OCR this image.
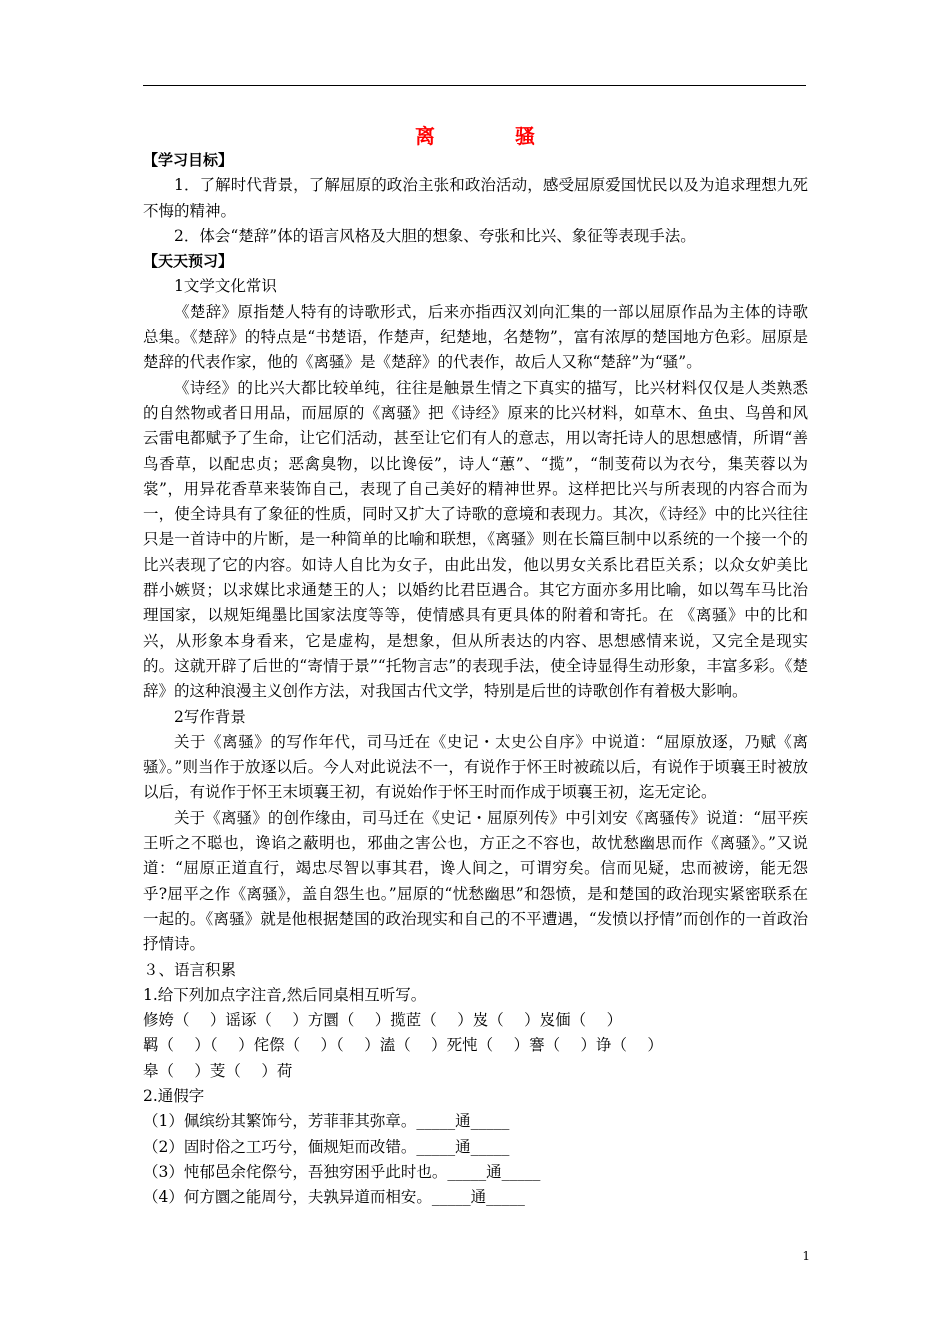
离	骚

【学习目标】

1．了解时代背景，了解屈原的政治主张和政治活动，感受屈原爱国忧民以及为追求理想九死不悔的精神。

2．体会“楚辞”体的语言风格及大胆的想象、夸张和比兴、象征等表现手法。

【天天预习】

1文学文化常识

《楚辞》原指楚人特有的诗歌形式，后来亦指西汉刘向汇集的一部以屈原作品为主体的诗歌总集。《楚辞》的特点是“书楚语，作楚声，纪楚地，名楚物”，富有浓厚的楚国地方色彩。屈原是楚辞的代表作家，他的《离骚》是《楚辞》的代表作，故后人又称“楚辞”为“骚”。

《诗经》的比兴大都比较单纯，往往是触景生情之下真实的描写，比兴材料仅仅是人类熟悉的自然物或者日用品，而屈原的《离骚》把《诗经》原来的比兴材料，如草木、鱼虫、鸟兽和风云雷电都赋予了生命，让它们活动，甚至让它们有人的意志，用以寄托诗人的思想感情，所谓“善鸟香草，以配忠贞；恶禽臭物，以比谗佞”，诗人“蕙”、“揽”，“制芰荷以为衣兮，集芙蓉以为裳”，用异花香草来装饰自己，表现了自己美好的精神世界。这样把比兴与所表现的内容合而为一，使全诗具有了象征的性质，同时又扩大了诗歌的意境和表现力。其次，《诗经》中的比兴往往只是一首诗中的片断，是一种简单的比喻和联想，《离骚》则在长篇巨制中以系统的一个接一个的比兴表现了它的内容。如诗人自比为女子，由此出发，他以男女关系比君臣关系；以众女妒美比群小嫉贤；以求媒比求通楚王的人；以婚约比君臣遇合。其它方面亦多用比喻，如以驾车马比治理国家，以规矩绳墨比国家法度等等，使情感具有更具体的附着和寄托。在 《离骚》中的比和兴，从形象本身看来，它是虚构，是想象，但从所表达的内容、思想感情来说，又完全是现实的。这就开辟了后世的“寄情于景”“托物言志”的表现手法，使全诗显得生动形象，丰富多彩。《楚辞》的这种浪漫主义创作方法，对我国古代文学，特别是后世的诗歌创作有着极大影响。

2写作背景

关于《离骚》的写作年代，司马迁在《史记・太史公自序》中说道：“屈原放逐，乃赋《离骚》。”则当作于放逐以后。今人对此说法不一，有说作于怀王时被疏以后，有说作于顷襄王时被放以后，有说作于怀王末顷襄王初，有说始作于怀王时而作成于顷襄王初，迄无定论。

关于《离骚》的创作缘由，司马迁在《史记・屈原列传》中引刘安《离骚传》说道：“屈平疾王听之不聪也，谗谄之蔽明也，邪曲之害公也，方正之不容也，故忧愁幽思而作《离骚》。”又说道：“屈原正道直行，竭忠尽智以事其君，谗人间之，可谓穷矣。信而见疑，忠而被谤，能无怨乎?屈平之作《离骚》，盖自怨生也。”屈原的“忧愁幽思”和怨愤，是和楚国的政治现实紧密联系在一起的。《离骚》就是他根据楚国的政治现实和自己的不平遭遇，“发愤以抒情”而创作的一首政治抒情诗。

３、语言积累

1.给下列加点字注音,然后同桌相互听写。

修姱（　 ）谣诼（　 ）方圜（　 ）揽茝（　 ）岌（　 ）岌偭（　 ）

羁（　 ）（　 ）侘傺（　 ）（　 ）溘（　 ）死忳（　 ）謇（　 ）诤（　 ）

皋（　 ）芰（　 ）荷

2.通假字

（1）佩缤纷其繁饰兮，芳菲菲其弥章。_____通_____

（2）固时俗之工巧兮，偭规矩而改错。_____通_____

（3）忳郁邑余侘傺兮，吾独穷困乎此时也。_____通_____

（4）何方圜之能周兮，夫孰异道而相安。_____通_____

1
